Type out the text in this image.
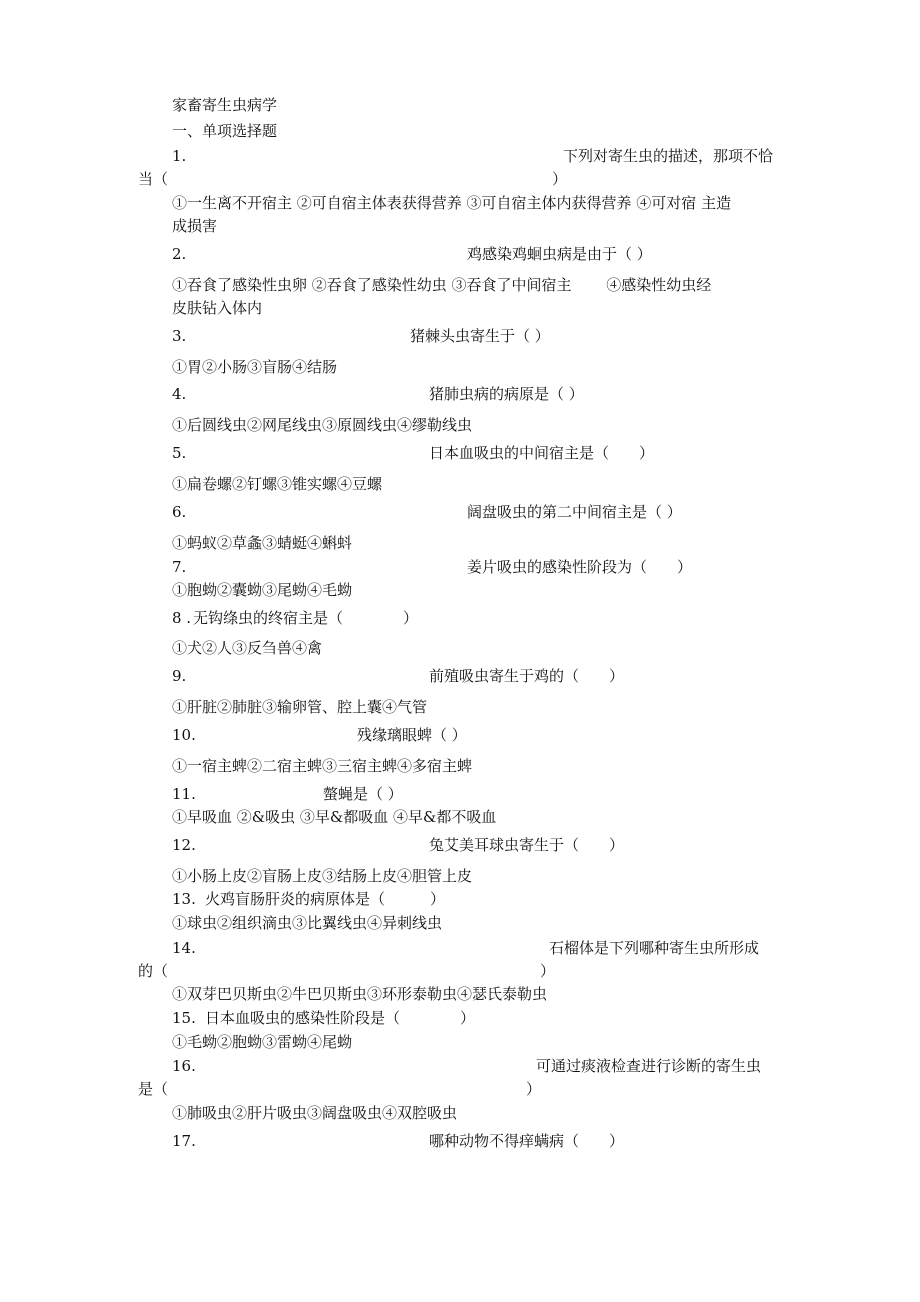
家畜寄生虫病学
一、单项选择题
1.	下列对寄生虫的描述，那项不恰
当（	）
①一生离不开宿主 ②可自宿主体表获得营养 ③可自宿主体内获得营养 ④可对宿 主造
成损害
2.	鸡感染鸡蛔虫病是由于（ ）
①吞食了感染性虫卵 ②吞食了感染性幼虫 ③吞食了中间宿主　　 ④感染性幼虫经
皮肤钻入体内
3.	猪棘头虫寄生于（ ）
①胃②小肠③盲肠④结肠
4.	猪肺虫病的病原是（ ）
①后圆线虫②网尾线虫③原圆线虫④缪勒线虫
5.	日本血吸虫的中间宿主是（　　）
①扁卷螺②钉螺③锥实螺④豆螺
6.	阔盘吸虫的第二中间宿主是（ ）
①蚂蚁②草螽③蜻蜓④蝌蚪
7.	姜片吸虫的感染性阶段为（　　）
①胞蚴②囊蚴③尾蚴④毛蚴
8 . 无钩绦虫的终宿主是（　　　　）
①犬②人③反刍兽④禽
9.	前殖吸虫寄生于鸡的（　　）
①肝脏②肺脏③输卵管、腔上囊④气管
10.	残缘璃眼蜱（ ）
①一宿主蜱②二宿主蜱③三宿主蜱④多宿主蜱
11.	螫蝇是（ ）
①早吸血 ②&吸虫 ③早&都吸血 ④早&都不吸血
12.	兔艾美耳球虫寄生于（　　）
①小肠上皮②盲肠上皮③结肠上皮④胆管上皮
13. 火鸡盲肠肝炎的病原体是（　　　）
①球虫②组织滴虫③比翼线虫④异刺线虫
14.	石榴体是下列哪种寄生虫所形成
的（	）
①双芽巴贝斯虫②牛巴贝斯虫③环形泰勒虫④瑟氏泰勒虫
15. 日本血吸虫的感染性阶段是（　　　　）
①毛蚴②胞蚴③雷蚴④尾蚴
16.	可通过痰液检查进行诊断的寄生虫
是（	）
①肺吸虫②肝片吸虫③阔盘吸虫④双腔吸虫
17.	哪种动物不得痒螨病（　　）
